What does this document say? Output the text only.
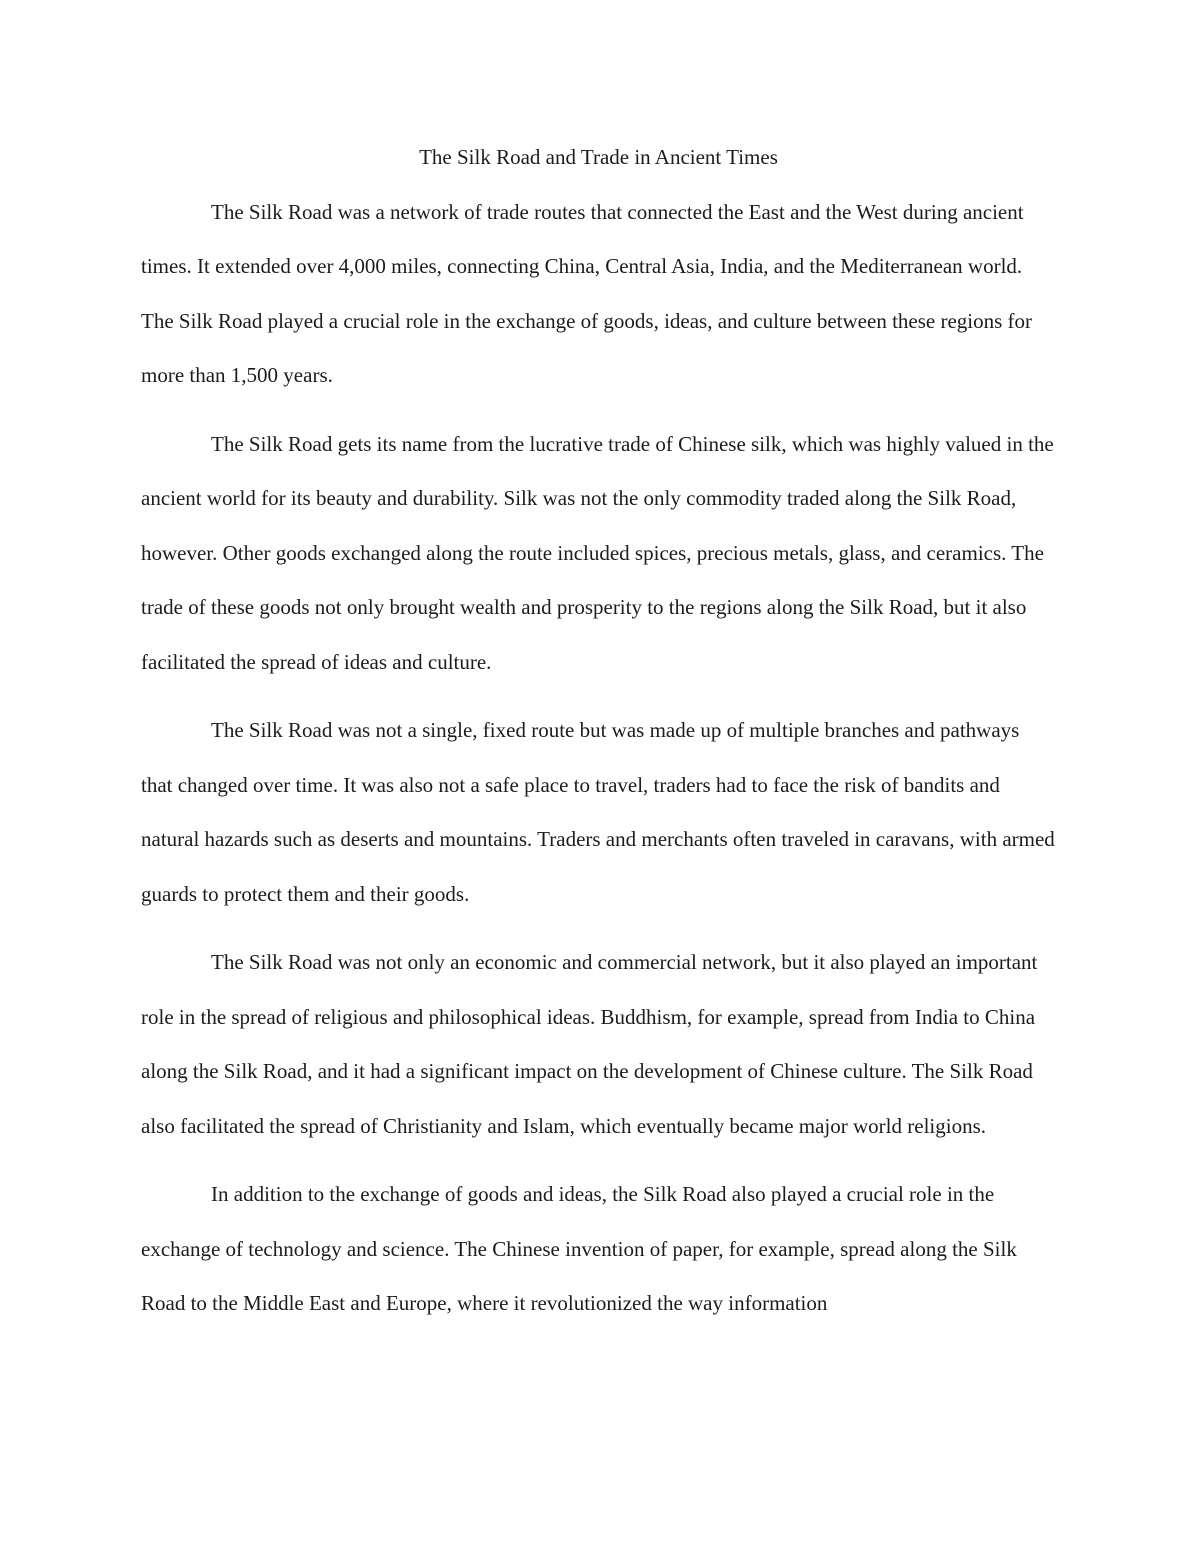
The Silk Road and Trade in Ancient Times

The Silk Road was a network of trade routes that connected the East and the West during ancient times. It extended over 4,000 miles, connecting China, Central Asia, India, and the Mediterranean world. The Silk Road played a crucial role in the exchange of goods, ideas, and culture between these regions for more than 1,500 years.

The Silk Road gets its name from the lucrative trade of Chinese silk, which was highly valued in the ancient world for its beauty and durability. Silk was not the only commodity traded along the Silk Road, however. Other goods exchanged along the route included spices, precious metals, glass, and ceramics. The trade of these goods not only brought wealth and prosperity to the regions along the Silk Road, but it also facilitated the spread of ideas and culture.

The Silk Road was not a single, fixed route but was made up of multiple branches and pathways that changed over time. It was also not a safe place to travel, traders had to face the risk of bandits and natural hazards such as deserts and mountains. Traders and merchants often traveled in caravans, with armed guards to protect them and their goods.

The Silk Road was not only an economic and commercial network, but it also played an important role in the spread of religious and philosophical ideas. Buddhism, for example, spread from India to China along the Silk Road, and it had a significant impact on the development of Chinese culture. The Silk Road also facilitated the spread of Christianity and Islam, which eventually became major world religions.

In addition to the exchange of goods and ideas, the Silk Road also played a crucial role in the exchange of technology and science. The Chinese invention of paper, for example, spread along the Silk Road to the Middle East and Europe, where it revolutionized the way information
